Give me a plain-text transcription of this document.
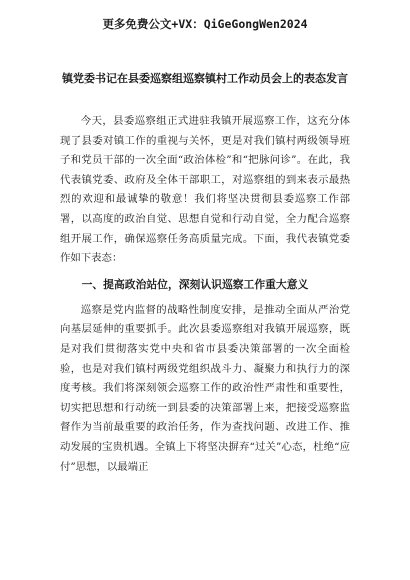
更多免费公文+VX：QiGeGongWen2024
镇党委书记在县委巡察组巡察镇村工作动员会上的表态发言

今天，县委巡察组正式进驻我镇开展巡察工作，这充分体现了县委对镇工作的重视与关怀，更是对我们镇村两级领导班子和党员干部的一次全面“政治体检”和“把脉问诊”。在此，我代表镇党委、政府及全体干部职工，对巡察组的到来表示最热烈的欢迎和最诚挚的敬意！我们将坚决贯彻县委巡察工作部署，以高度的政治自觉、思想自觉和行动自觉，全力配合巡察组开展工作，确保巡察任务高质量完成。下面，我代表镇党委作如下表态：

一、提高政治站位，深刻认识巡察工作重大意义

巡察是党内监督的战略性制度安排，是推动全面从严治党向基层延伸的重要抓手。此次县委巡察组对我镇开展巡察，既是对我们贯彻落实党中央和省市县委决策部署的一次全面检验，也是对我们镇村两级党组织战斗力、凝聚力和执行力的深度考核。我们将深刻领会巡察工作的政治性严肃性和重要性，切实把思想和行动统一到县委的决策部署上来，把接受巡察监督作为当前最重要的政治任务，作为查找问题、改进工作、推动发展的宝贵机遇。全镇上下将坚决摒弃“过关”心态，杜绝“应付”思想，以最端正
